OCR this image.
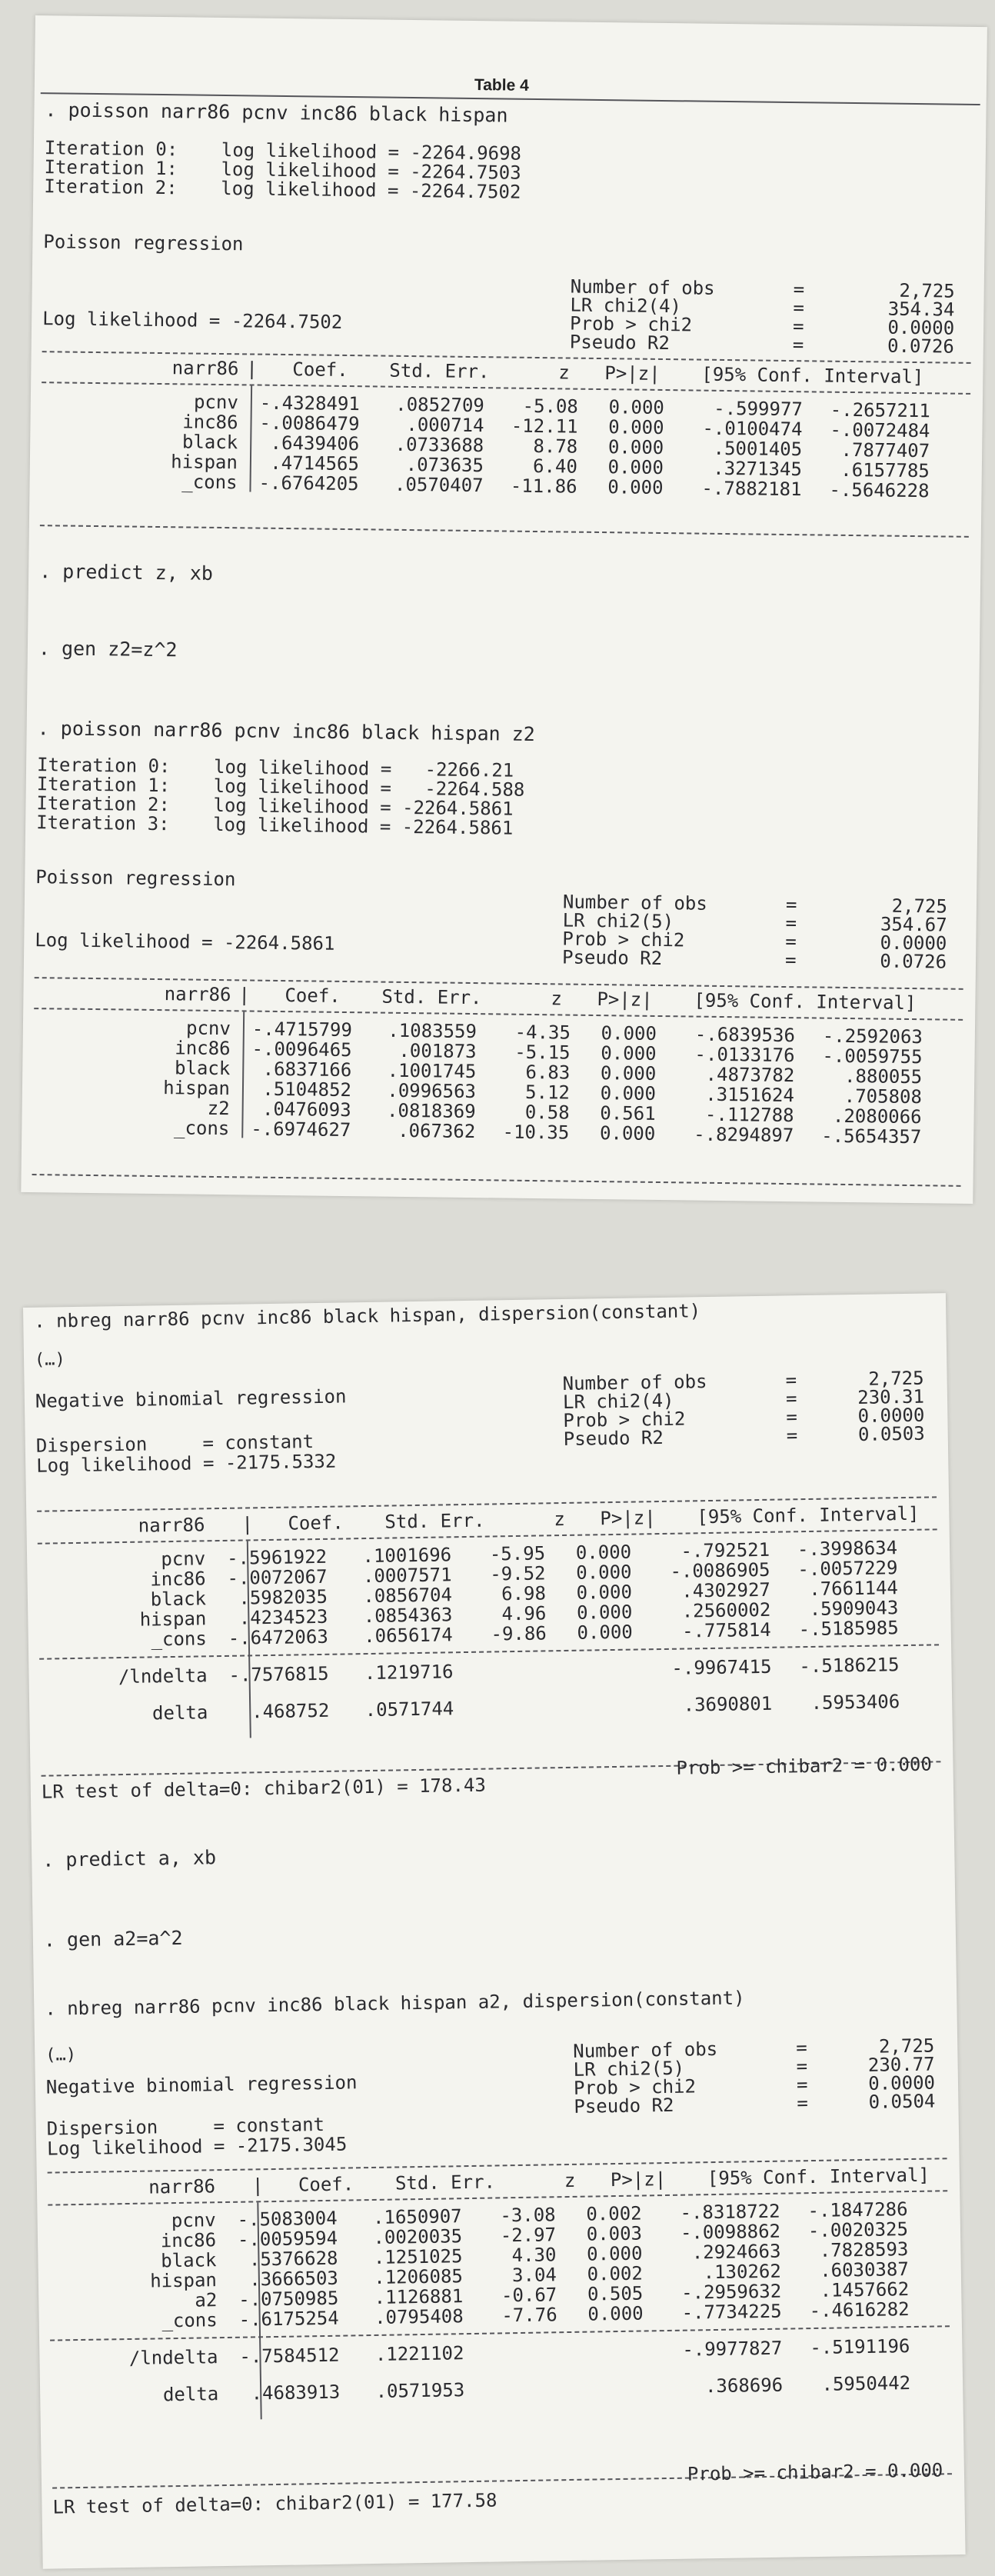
Table 4
. poisson narr86 pcnv inc86 black hispan
Iteration 0: log likelihood = -2264.9698
Iteration 1: log likelihood = -2264.7503
Iteration 2: log likelihood = -2264.7502
Poisson regression
Number of obs	=	2,725
LR chi2(4)	=	354.34
Prob > chi2	=	0.0000
Pseudo R2	=	0.0726
Log likelihood = -2264.7502
narr86 | Coef. Std. Err.	z P>|z| [95% Conf. Interval]
pcnv -.4328491 .0852709 -5.08 0.000	-.599977 -.2657211
inc86 -.0086479	.000714 -12.11 0.000 -.0100474 -.0072484
black .6439406 .0733688	8.78 0.000	.5001405 .7877407
hispan .4714565	.073635	6.40 0.000	.3271345 .6157785
_cons -.6764205 .0570407 -11.86 0.000 -.7882181 -.5646228
. predict z, xb
. gen z2=z^2
. poisson narr86 pcnv inc86 black hispan z2
Iteration 0: log likelihood =   -2266.21
Iteration 1: log likelihood =   -2264.588
Iteration 2: log likelihood = -2264.5861
Iteration 3: log likelihood = -2264.5861
Poisson regression
Number of obs	=	2,725
LR chi2(5)	=	354.67
Prob > chi2	=	0.0000
Pseudo R2	=	0.0726
Log likelihood = -2264.5861
narr86 | Coef. Std. Err.	z P>|z| [95% Conf. Interval]
pcnv -.4715799 .1083559 -4.35 0.000 -.6839536 -.2592063
inc86 -.0096465	.001873 -5.15 0.000 -.0133176 -.0059755
black .6837166 .1001745	6.83 0.000	.4873782	.880055
hispan .5104852 .0996563	5.12 0.000	.3151624	.705808
z2 .0476093 .0818369	0.58 0.561	-.112788 .2080066
_cons -.6974627	.067362 -10.35 0.000 -.8294897 -.5654357
. nbreg narr86 pcnv inc86 black hispan, dispersion(constant)
(…)
Negative binomial regression
Number of obs	=	2,725
LR chi2(4)	=	230.31
Prob > chi2	=	0.0000
Pseudo R2	=	0.0503
Dispersion     = constant
Log likelihood = -2175.5332
narr86 | Coef. Std. Err.	z P>|z| [95% Conf. Interval]
pcnv -.5961922 .1001696 -5.95 0.000	-.792521 -.3998634
inc86 -.0072067 .0007571 -9.52 0.000 -.0086905 -.0057229
black .5982035 .0856704	6.98 0.000	.4302927 .7661144
hispan .4234523 .0854363	4.96 0.000	.2560002 .5909043
_cons -.6472063 .0656174 -9.86 0.000	-.775814 -.5185985
/lndelta -.7576815 .1219716	-.9967415 -.5186215
delta .468752 .0571744	.3690801 .5953406
LR test of delta=0: chibar2(01) = 178.43
Prob >= chibar2 = 0.000
. predict a, xb
. gen a2=a^2
. nbreg narr86 pcnv inc86 black hispan a2, dispersion(constant)
(…)
Negative binomial regression
Number of obs	=	2,725
LR chi2(5)	=	230.77
Prob > chi2	=	0.0000
Pseudo R2	=	0.0504
Dispersion     = constant
Log likelihood = -2175.3045
narr86 | Coef. Std. Err.	z P>|z| [95% Conf. Interval]
pcnv -.5083004 .1650907 -3.08 0.002 -.8318722 -.1847286
inc86 -.0059594 .0020035 -2.97 0.003 -.0098862 -.0020325
black .5376628 .1251025	4.30 0.000	.2924663 .7828593
hispan .3666503 .1206085	3.04 0.002	.130262 .6030387
a2 -.0750985 .1126881 -0.67 0.505 -.2959632 .1457662
_cons -.6175254 .0795408 -7.76 0.000 -.7734225 -.4616282
/lndelta -.7584512 .1221102	-.9977827 -.5191196
delta .4683913 .0571953	.368696 .5950442
LR test of delta=0: chibar2(01) = 177.58
Prob >= chibar2 = 0.000
